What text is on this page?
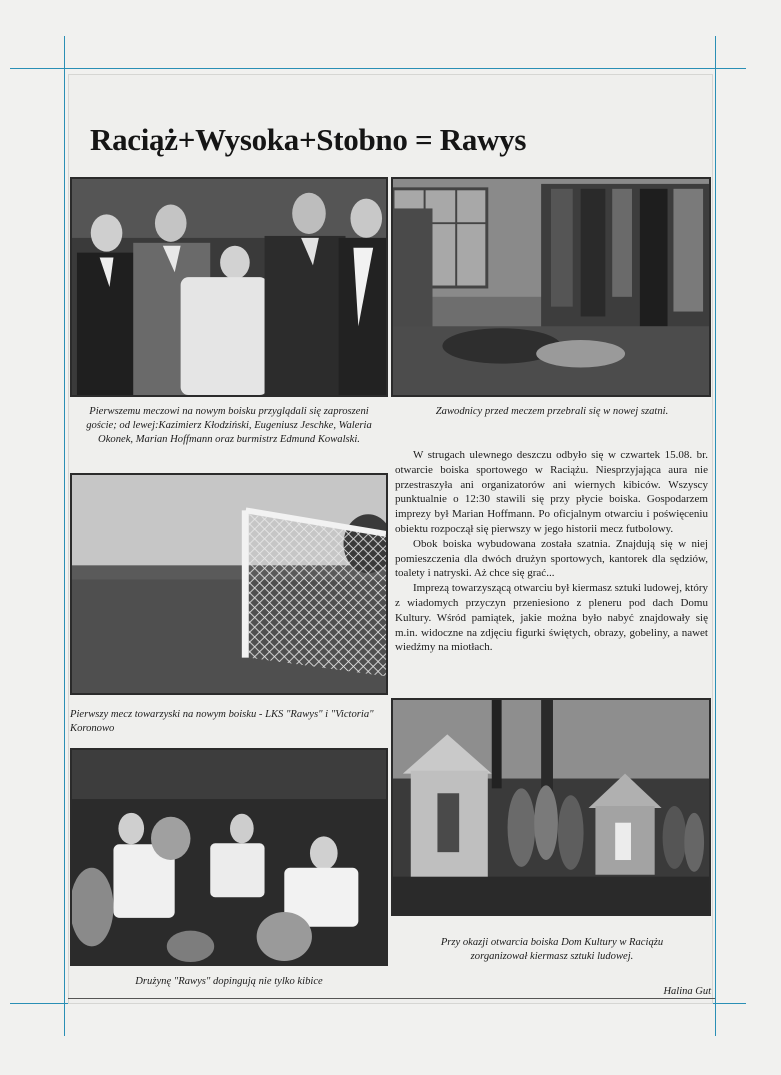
Raciąż+Wysoka+Stobno = Rawys
Pierwszemu meczowi na nowym boisku przyglądali się zaproszeni goście; od lewej:Kazimierz Kłodziński, Eugeniusz Jeschke, Waleria Okonek, Marian Hoffmann oraz burmistrz Edmund Kowalski.
Zawodnicy przed meczem przebrali się w nowej szatni.
Pierwszy mecz towarzyski na nowym boisku - LKS "Rawys" i "Victoria" Koronowo
Przy okazji otwarcia boiska Dom Kultury w Raciążu zorganizował kiermasz sztuki ludowej.
Drużynę "Rawys" dopingują nie tylko kibice

W strugach ulewnego deszczu odbyło się w czwartek 15.08. br. otwarcie boiska sportowego w Raciążu. Niesprzyjająca aura nie przestraszyła ani organizatorów ani wiernych kibiców. Wszyscy punktualnie o 12:30 stawili się przy płycie boiska. Gospodarzem imprezy był Marian Hoffmann. Po oficjalnym otwarciu i poświęceniu obiektu rozpoczął się pierwszy w jego historii mecz futbolowy.

Obok boiska wybudowana została szatnia. Znajdują się w niej pomieszczenia dla dwóch drużyn sportowych, kantorek dla sędziów, toalety i natryski. Aż chce się grać...

Imprezą towarzyszącą otwarciu był kiermasz sztuki ludowej, który z wiadomych przyczyn przeniesiono z pleneru pod dach Domu Kultury. Wśród pamiątek, jakie można było nabyć znajdowały się m.in. widoczne na zdjęciu figurki świętych, obrazy, gobeliny, a nawet wiedźmy na miotłach.

Halina Gut
